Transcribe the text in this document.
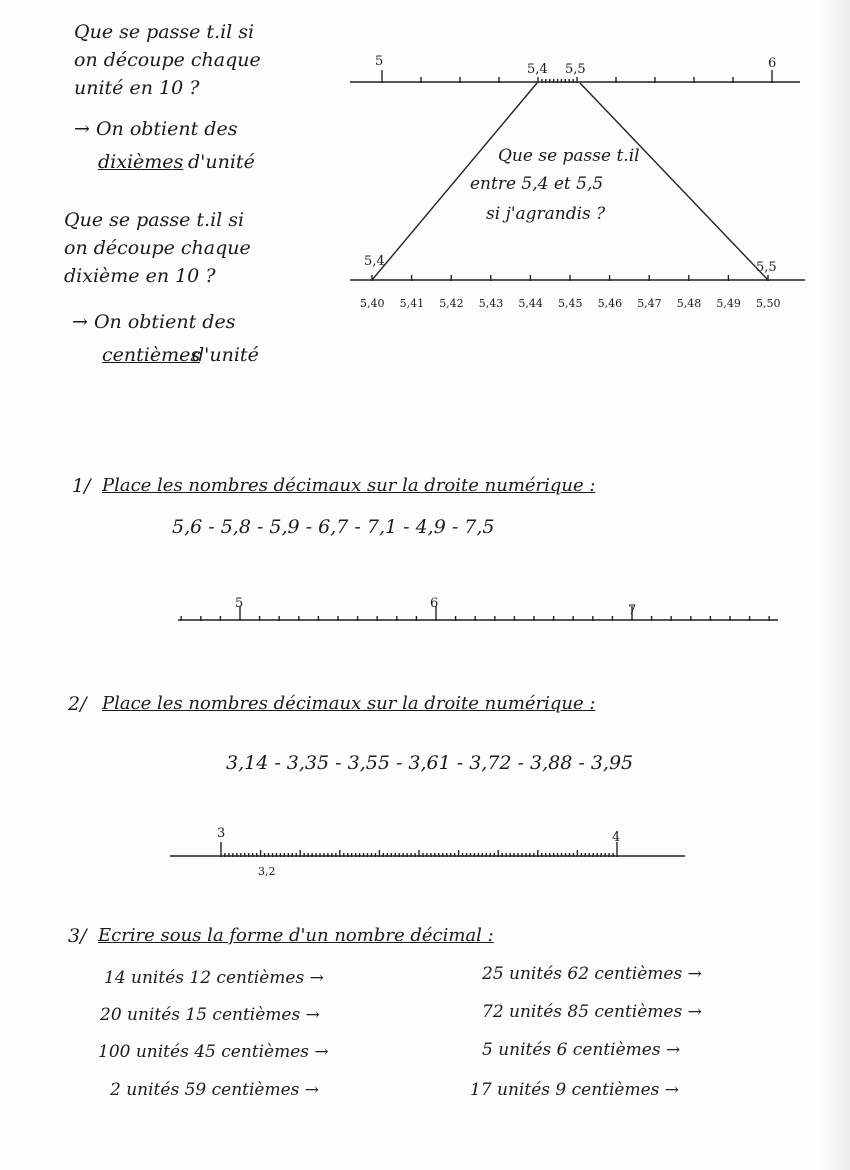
Que se passe t.il si
on découpe chaque
unité en 10 ?
→ On obtient des
dixièmes d'unité
Que se passe t.il si
on découpe chaque
dixième en 10 ?
→ On obtient des
centièmes
d'unité
5
5,4 5,5	6
Que se passe t.il
entre 5,4 et 5,5
si j'agrandis ?
5,4	5,5
5,40 5,41 5,42 5,43 5,44 5,45 5,46 5,47 5,48 5,49 5,50
1/ Place les nombres décimaux sur la droite numérique :
5,6 - 5,8 - 5,9 - 6,7 - 7,1 - 4,9 - 7,5
5	6	7
2/ Place les nombres décimaux sur la droite numérique :
3,14 - 3,35 - 3,55 - 3,61 - 3,72 - 3,88 - 3,95
3	4
3,2
3/ Ecrire sous la forme d'un nombre décimal :
14 unités 12 centièmes →
20 unités 15 centièmes →
100 unités 45 centièmes →
2 unités 59 centièmes →
25 unités 62 centièmes →
72 unités 85 centièmes →
5 unités 6 centièmes →
17 unités 9 centièmes →
